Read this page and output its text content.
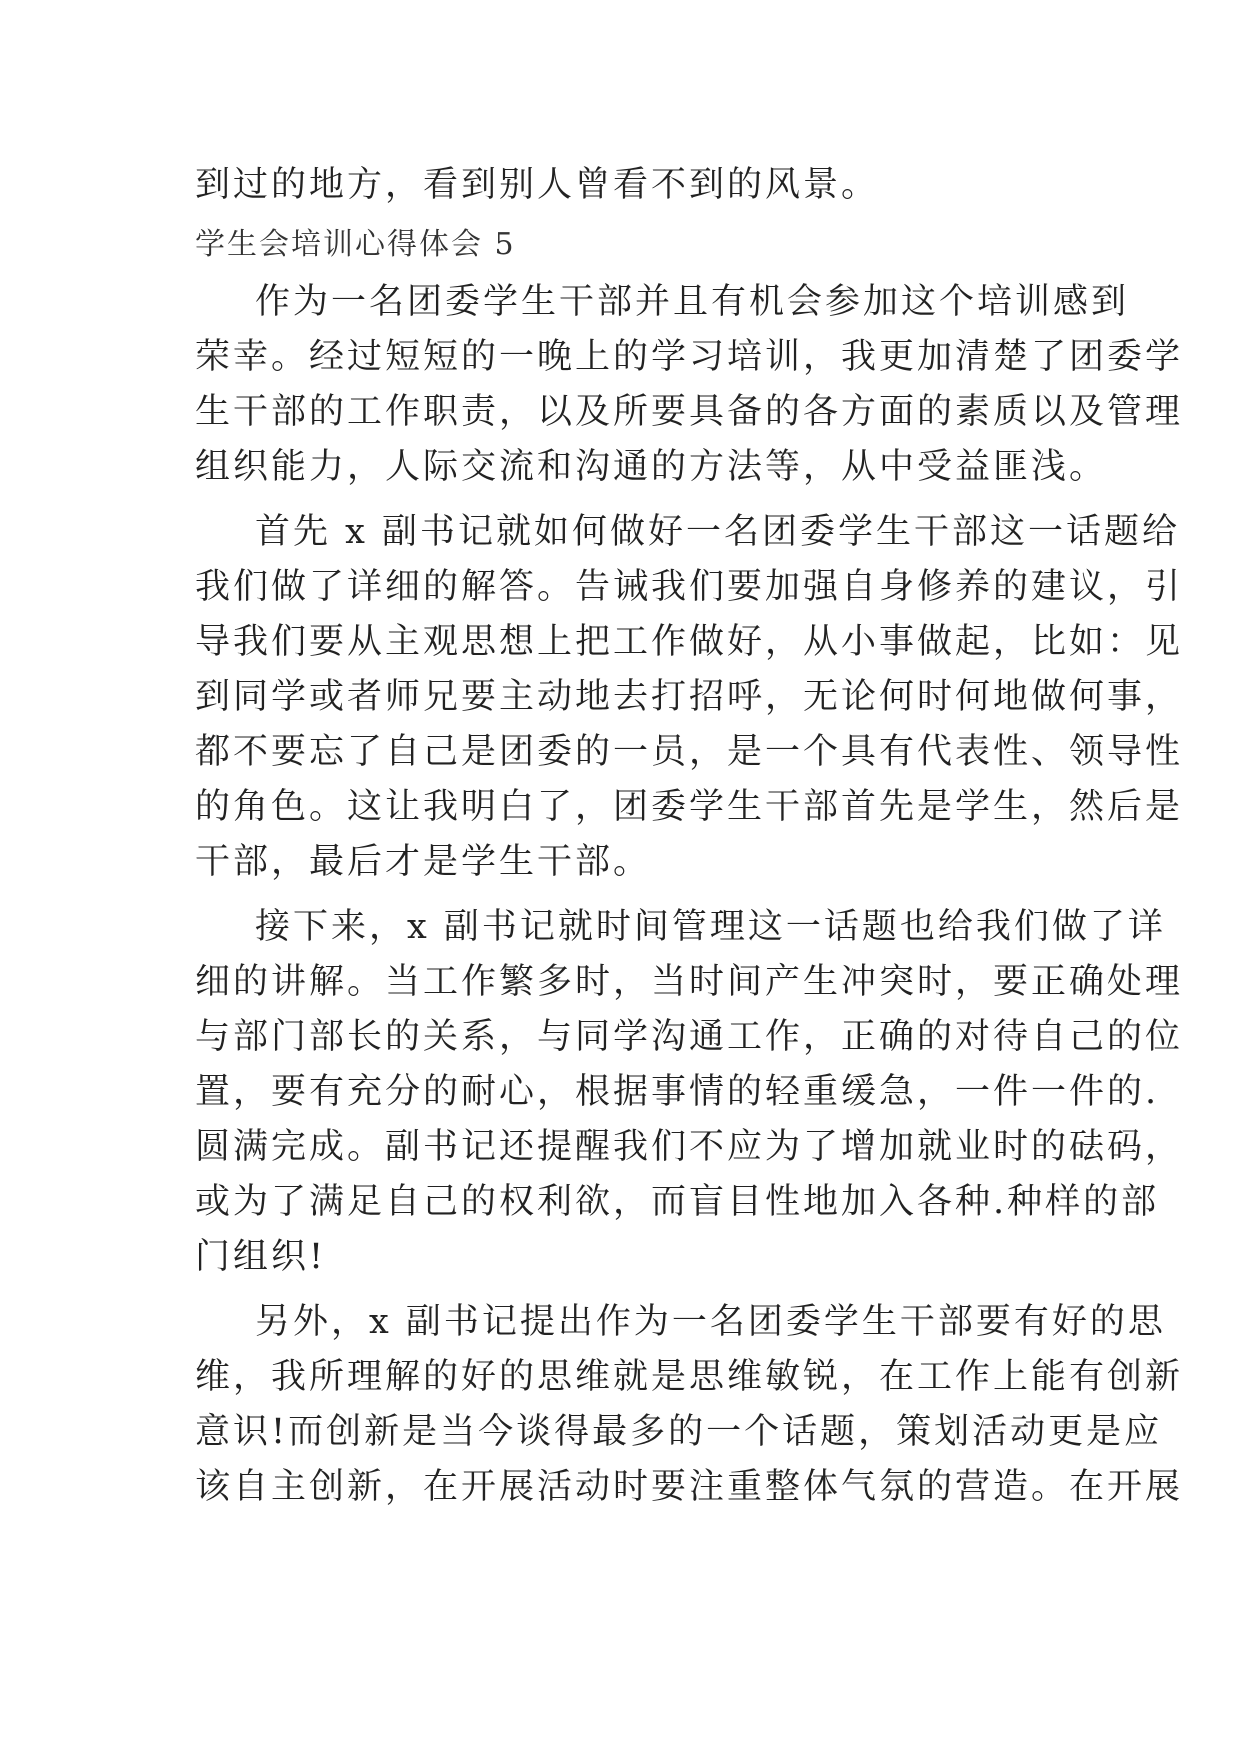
到过的地方，看到别人曾看不到的风景。
学生会培训心得体会 5
作为一名团委学生干部并且有机会参加这个培训感到
荣幸。经过短短的一晚上的学习培训，我更加清楚了团委学
生干部的工作职责，以及所要具备的各方面的素质以及管理
组织能力，人际交流和沟通的方法等，从中受益匪浅。
首先 x 副书记就如何做好一名团委学生干部这一话题给
我们做了详细的解答。告诫我们要加强自身修养的建议，引
导我们要从主观思想上把工作做好，从小事做起，比如：见
到同学或者师兄要主动地去打招呼，无论何时何地做何事，
都不要忘了自己是团委的一员，是一个具有代表性、领导性
的角色。这让我明白了，团委学生干部首先是学生，然后是
干部，最后才是学生干部。
接下来，x 副书记就时间管理这一话题也给我们做了详
细的讲解。当工作繁多时，当时间产生冲突时，要正确处理
与部门部长的关系，与同学沟通工作，正确的对待自己的位
置，要有充分的耐心，根据事情的轻重缓急，一件一件的.
圆满完成。副书记还提醒我们不应为了增加就业时的砝码，
或为了满足自己的权利欲，而盲目性地加入各种.种样的部
门组织!
另外，x 副书记提出作为一名团委学生干部要有好的思
维，我所理解的好的思维就是思维敏锐，在工作上能有创新
意识!而创新是当今谈得最多的一个话题，策划活动更是应
该自主创新，在开展活动时要注重整体气氛的营造。在开展
